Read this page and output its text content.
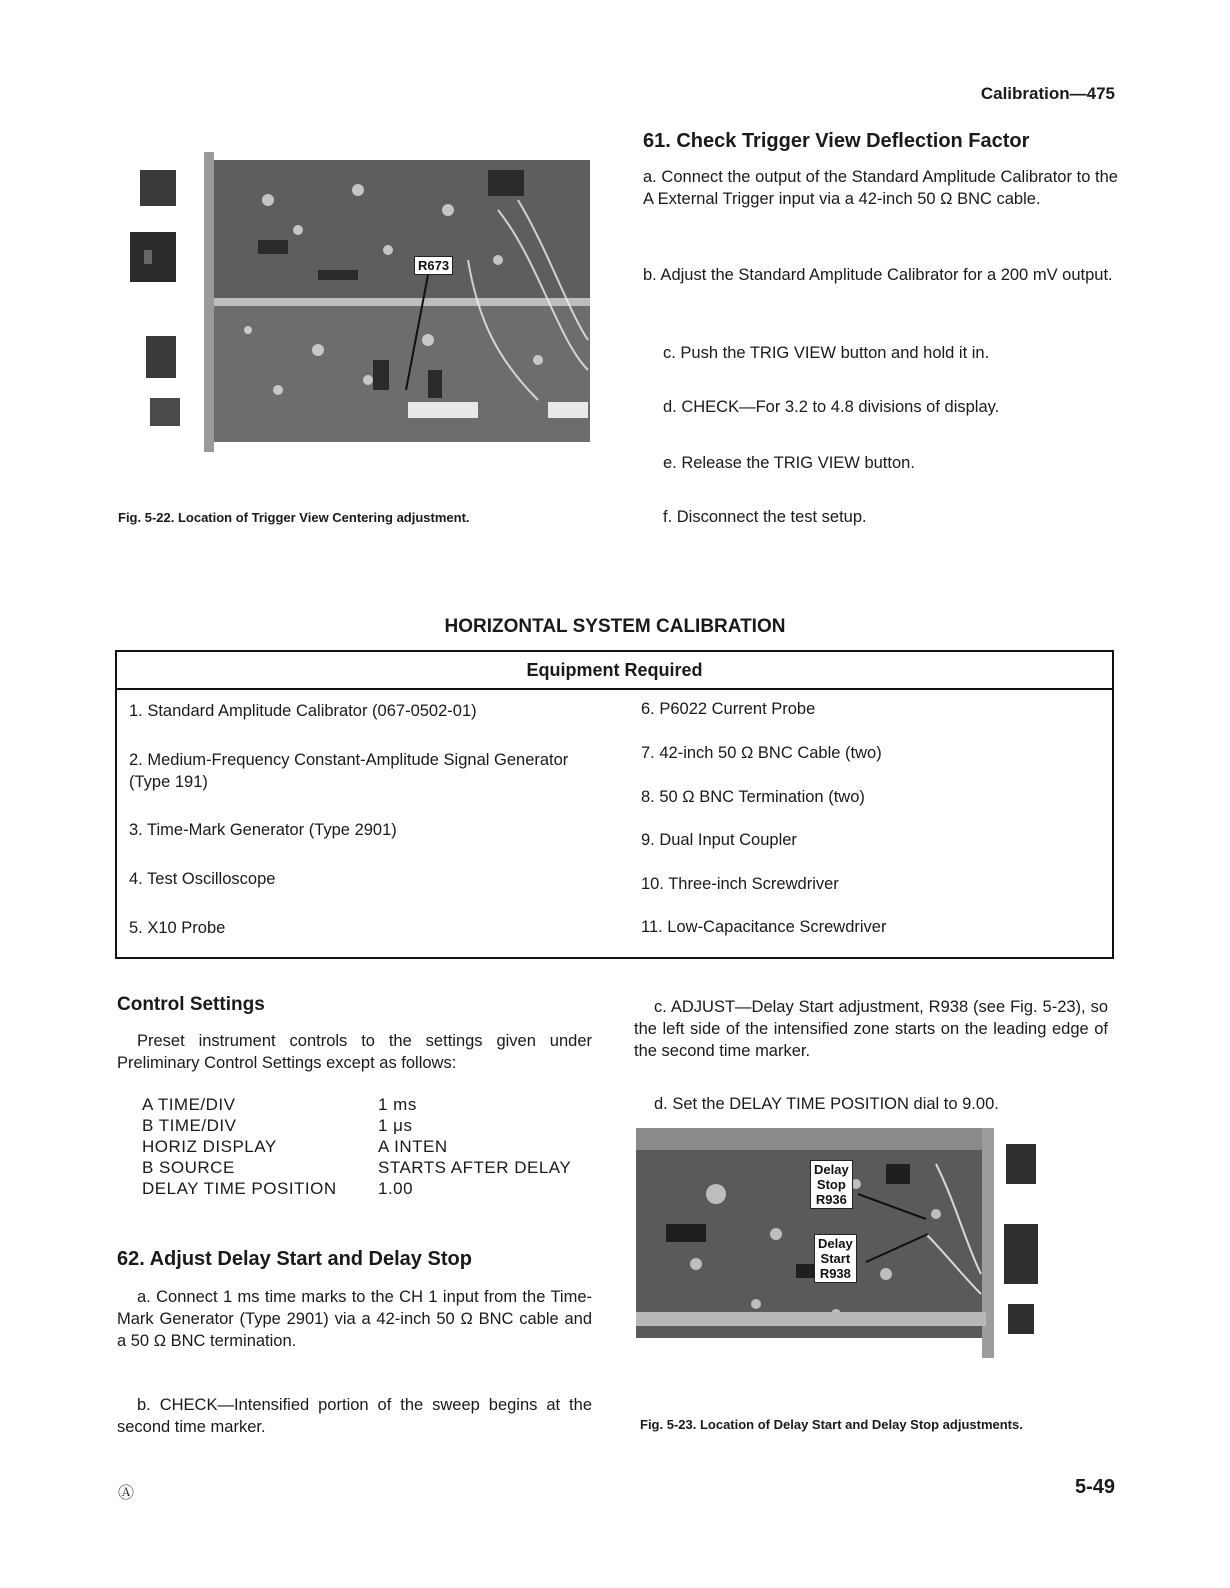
Calibration—475
R673
Fig. 5-22. Location of Trigger View Centering adjustment.
61. Check Trigger View Deflection Factor
a. Connect the output of the Standard Amplitude Calibrator to the A External Trigger input via a 42-inch 50 Ω BNC cable.
b. Adjust the Standard Amplitude Calibrator for a 200 mV output.
c. Push the TRIG VIEW button and hold it in.
d. CHECK—For 3.2 to 4.8 divisions of display.
e. Release the TRIG VIEW button.
f. Disconnect the test setup.
HORIZONTAL SYSTEM CALIBRATION
Equipment Required
1. Standard Amplitude Calibrator (067-0502-01)
2. Medium-Frequency Constant-Amplitude Signal Generator (Type 191)
3. Time-Mark Generator (Type 2901)
4. Test Oscilloscope
5. X10 Probe
6. P6022 Current Probe
7. 42-inch 50 Ω BNC Cable (two)
8. 50 Ω BNC Termination (two)
9. Dual Input Coupler
10. Three-inch Screwdriver
11. Low-Capacitance Screwdriver
Control Settings
Preset instrument controls to the settings given under Preliminary Control Settings except as follows:
A TIME/DIV	1 ms
B TIME/DIV	1 μs
HORIZ DISPLAY	A INTEN
B SOURCE	STARTS AFTER DELAY
DELAY TIME POSITION	1.00
62. Adjust Delay Start and Delay Stop
a. Connect 1 ms time marks to the CH 1 input from the Time-Mark Generator (Type 2901) via a 42-inch 50 Ω BNC cable and a 50 Ω BNC termination.
b. CHECK—Intensified portion of the sweep begins at the second time marker.
c. ADJUST—Delay Start adjustment, R938 (see Fig. 5-23), so the left side of the intensified zone starts on the leading edge of the second time marker.
d. Set the DELAY TIME POSITION dial to 9.00.
Delay
Stop
R936
Delay
Start
R938
Fig. 5-23. Location of Delay Start and Delay Stop adjustments.
Ⓐ	5-49
